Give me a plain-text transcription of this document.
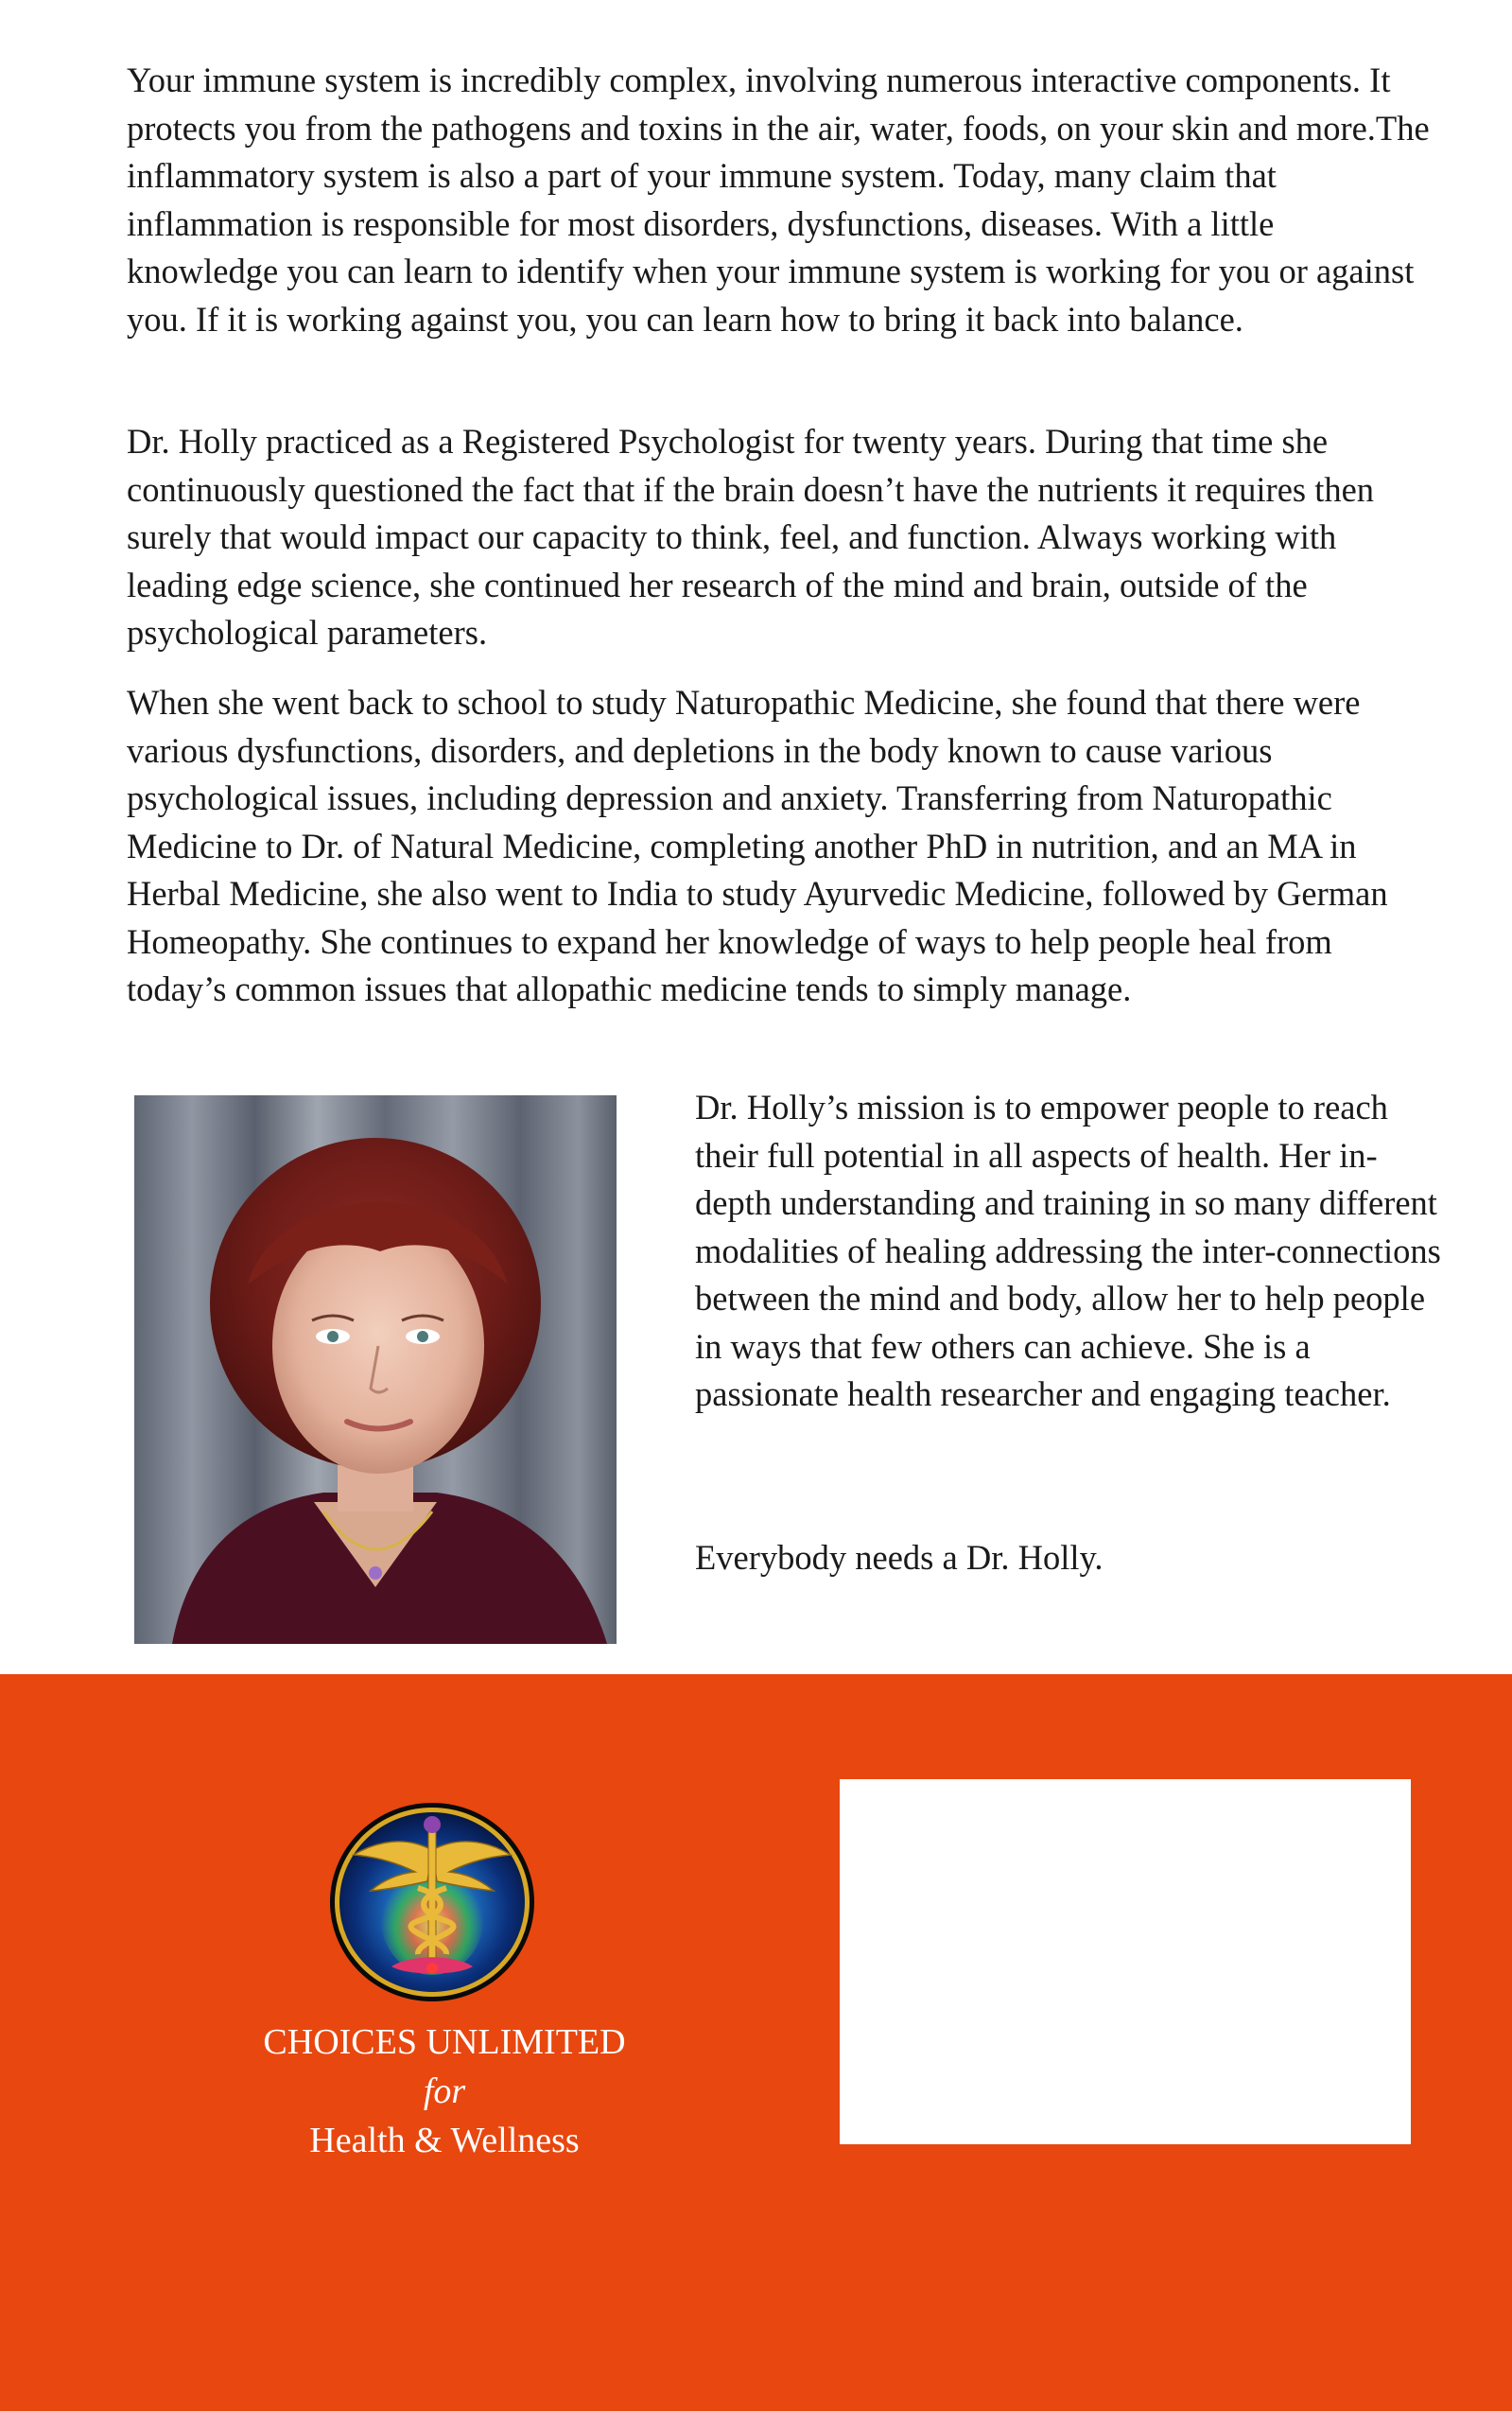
Your immune system is incredibly complex, involving numerous interactive components. It protects you from the pathogens and toxins in the air, water, foods, on your skin and more.The inflammatory system is also a part of your immune system. Today, many claim that inflammation is responsible for most disorders, dysfunctions, diseases. With a little knowledge you can learn to identify when your immune system is working for you or against you. If it is working against you, you can learn how to bring it back into balance.

Dr. Holly practiced as a Registered Psychologist for twenty years. During that time she continuously questioned the fact that if the brain doesn’t have the nutrients it requires then surely that would impact our capacity to think, feel, and function. Always working with leading edge science, she continued her research of the mind and brain, outside of the psychological parameters.

When she went back to school to study Naturopathic Medicine, she found that there were various dysfunctions, disorders, and depletions in the body known to cause various psychological issues, including depression and anxiety. Transferring from Naturopathic Medicine to Dr. of Natural Medicine, completing another PhD in nutrition, and an MA in Herbal Medicine, she also went to India to study Ayurvedic Medicine, followed by German Homeopathy. She continues to expand her knowledge of ways to help people heal from today’s common issues that allopathic medicine tends to simply manage.

Dr. Holly’s mission is to empower people to reach their full potential in all aspects of health. Her in-depth understanding and training in so many different modalities of healing addressing the inter-connections between the mind and body, allow her to help people in ways that few others can achieve. She is a passionate health researcher and engaging teacher.

Everybody needs a Dr. Holly.

CHOICES UNLIMITED

for

Health & Wellness
